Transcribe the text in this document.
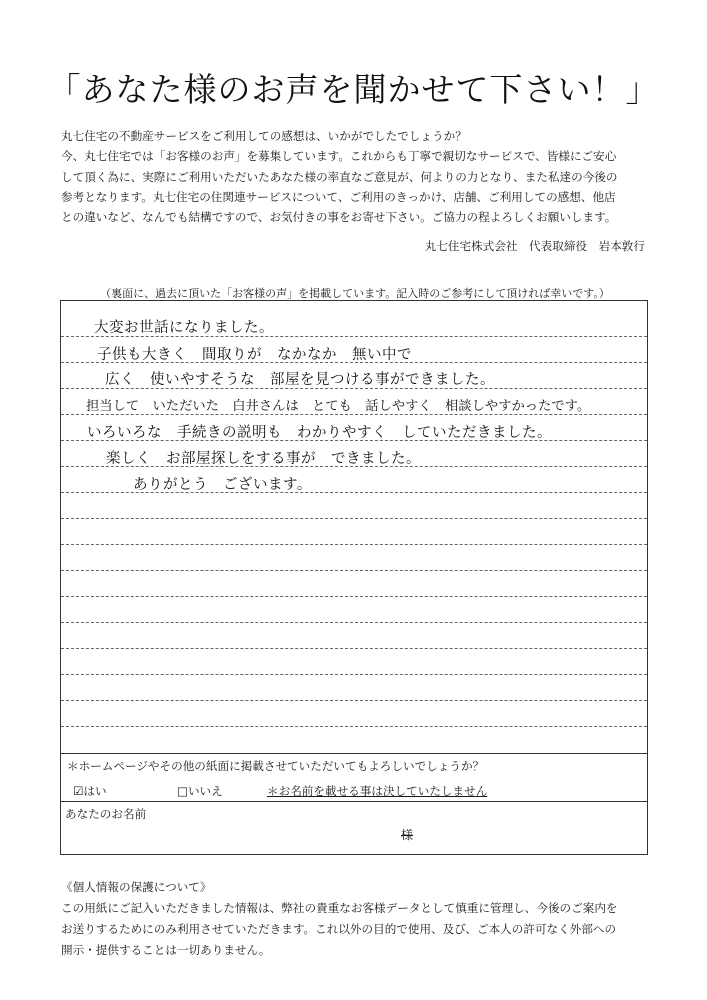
「あなた様のお声を聞かせて下さい！」
丸七住宅の不動産サービスをご利用しての感想は、いかがでしたでしょうか？
今、丸七住宅では「お客様のお声」を募集しています。これからも丁寧で親切なサービスで、皆様にご安心
して頂く為に、実際にご利用いただいたあなた様の率直なご意見が、何よりの力となり、また私達の今後の
参考となります。丸七住宅の住関連サービスについて、ご利用のきっかけ、店舗、ご利用しての感想、他店
との違いなど、なんでも結構ですので、お気付きの事をお寄せ下さい。ご協力の程よろしくお願いします。
丸七住宅株式会社　代表取締役　岩本敦行
（裏面に、過去に頂いた「お客様の声」を掲載しています。記入時のご参考にして頂ければ幸いです。）
大変お世話になりました。
子供も大きく　間取りが　なかなか　無い中で
広く　使いやすそうな　部屋を見つける事ができました。
担当して　いただいた　白井さんは　とても　話しやすく　相談しやすかったです。
いろいろな　手続きの説明も　わかりやすく　していただきました。
楽しく　お部屋探しをする事が　できました。
ありがとう　ございます。
＊ホームページやその他の紙面に掲載させていただいてもよろしいでしょうか？
☑はい	□いいえ	＊お名前を載せる事は決していたしません
あなたのお名前
様
《個人情報の保護について》
この用紙にご記入いただきました情報は、弊社の貴重なお客様データとして慎重に管理し、今後のご案内を
お送りするためにのみ利用させていただきます。これ以外の目的で使用、及び、ご本人の許可なく外部への
開示・提供することは一切ありません。
